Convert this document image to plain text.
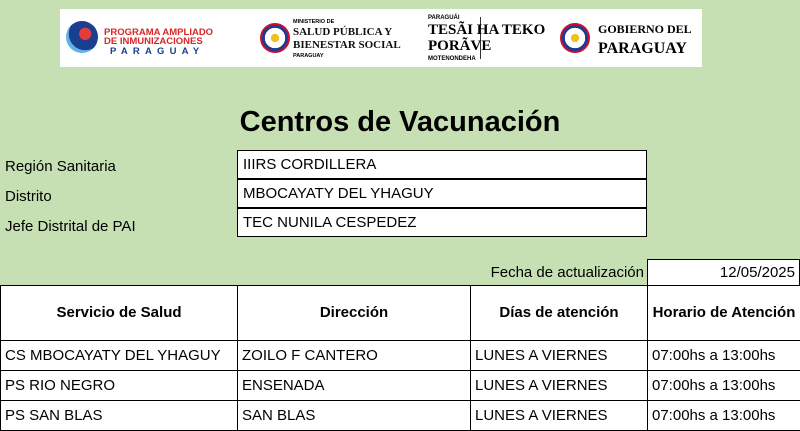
PROGRAMA AMPLIADO
DE INMUNIZACIONES
PARAGUAY
MINISTERIO DE
SALUD PÚBLICA Y
BIENESTAR SOCIAL
PARAGUAY
PARAGUÁI
TESÃI HA TEKO
PORÃVE
MOTENONDEHA
GOBIERNO DEL
PARAGUAY
Centros de Vacunación
Región Sanitaria	IIIRS CORDILLERA
Distrito	MBOCAYATY DEL YHAGUY
Jefe Distrital de PAI	TEC NUNILA CESPEDEZ
Fecha de actualización	12/05/2025
Servicio de Salud	Dirección	Días de atención	Horario de Atención
CS MBOCAYATY DEL YHAGUY	ZOILO F CANTERO	LUNES A VIERNES	07:00hs a 13:00hs
PS RIO NEGRO	ENSENADA	LUNES A VIERNES	07:00hs a 13:00hs
PS SAN BLAS	SAN BLAS	LUNES A VIERNES	07:00hs a 13:00hs
